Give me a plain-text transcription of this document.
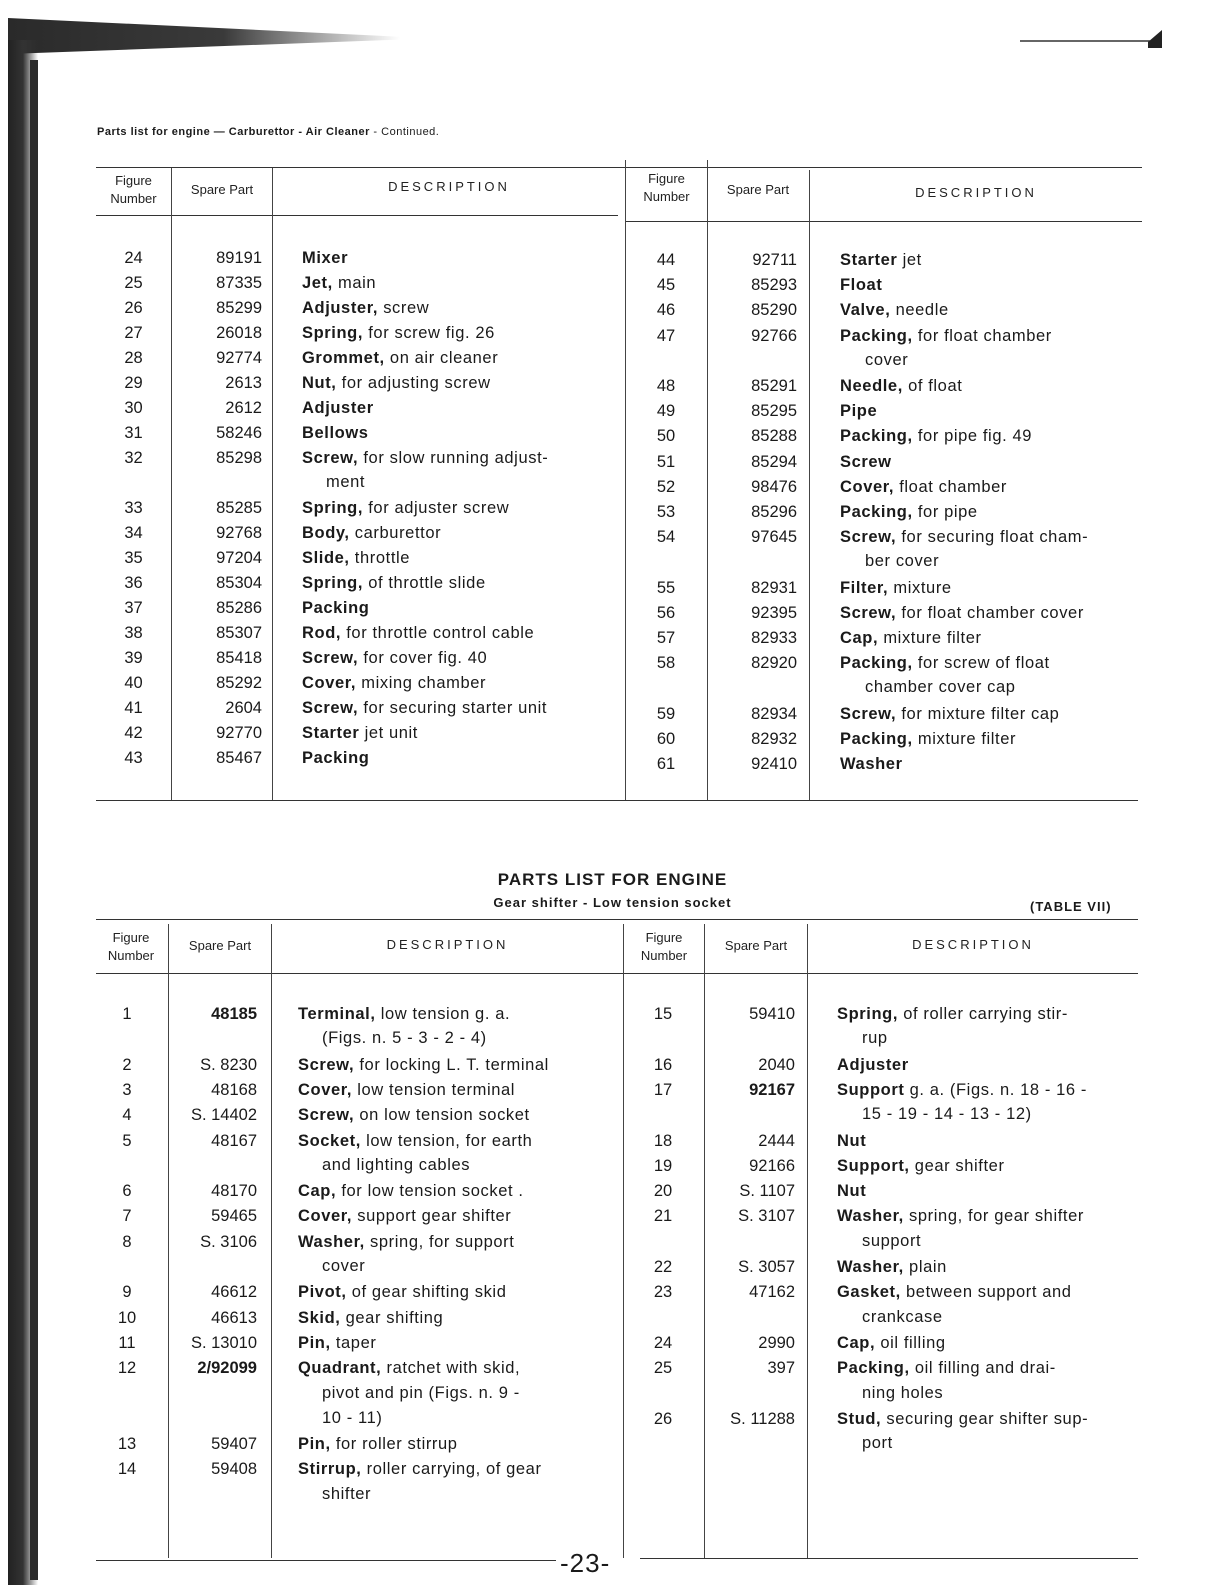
Parts list for engine — Carburettor - Air Cleaner - Continued.
Figure
Number
Spare Part	DESCRIPTION
Figure
Number	Spare Part	DESCRIPTION
24	89191 Mixer
25	87335 Jet, main
26	85299 Adjuster, screw
27	26018 Spring, for screw fig. 26
28	92774 Grommet, on air cleaner
29	2613 Nut, for adjusting screw
30	2612 Adjuster
31	58246 Bellows
32	85298 Screw, for slow running adjust-
ment
33	85285 Spring, for adjuster screw
34	92768 Body, carburettor
35	97204 Slide, throttle
36	85304 Spring, of throttle slide
37	85286 Packing
38	85307 Rod, for throttle control cable
39	85418 Screw, for cover fig. 40
40	85292 Cover, mixing chamber
41	2604 Screw, for securing starter unit
42	92770 Starter jet unit
43	85467 Packing
44	92711	Starter jet
45	85293	Float
46	85290	Valve, needle
47	92766	Packing, for float chamber
cover
48	85291	Needle, of float
49	85295	Pipe
50	85288	Packing, for pipe fig. 49
51	85294	Screw
52	98476	Cover, float chamber
53	85296	Packing, for pipe
54	97645	Screw, for securing float cham-
ber cover
55	82931	Filter, mixture
56	92395	Screw, for float chamber cover
57	82933	Cap, mixture filter
58	82920	Packing, for screw of float
chamber cover cap
59	82934	Screw, for mixture filter cap
60	82932	Packing, mixture filter
61	92410	Washer
PARTS LIST FOR ENGINE
Gear shifter - Low tension socket	(TABLE VII)
Figure
Number
Spare Part	DESCRIPTION	Figure
Number
Spare Part	DESCRIPTION
1	48185 Terminal, low tension g. a.
(Figs. n. 5 - 3 - 2 - 4)
2	S. 8230 Screw, for locking L. T. terminal
3	48168 Cover, low tension terminal
4	S. 14402 Screw, on low tension socket
5	48167 Socket, low tension, for earth
and lighting cables
6	48170 Cap, for low tension socket .
7	59465 Cover, support gear shifter
8	S. 3106 Washer, spring, for support
cover
9	46612 Pivot, of gear shifting skid
10	46613 Skid, gear shifting
11	S. 13010 Pin, taper
12	2/92099 Quadrant, ratchet with skid,
pivot and pin (Figs. n. 9 -
10 - 11)
13	59407 Pin, for roller stirrup
14	59408 Stirrup, roller carrying, of gear
shifter
15	59410	Spring, of roller carrying stir-
rup
16	2040	Adjuster
17	92167	Support g. a. (Figs. n. 18 - 16 -
15 - 19 - 14 - 13 - 12)
18	2444	Nut
19	92166	Support, gear shifter
20	S. 1107	Nut
21	S. 3107	Washer, spring, for gear shifter
support
22	S. 3057	Washer, plain
23	47162	Gasket, between support and
crankcase
24	2990	Cap, oil filling
25	397	Packing, oil filling and drai-
ning holes
26	S. 11288	Stud, securing gear shifter sup-
port
-23-
